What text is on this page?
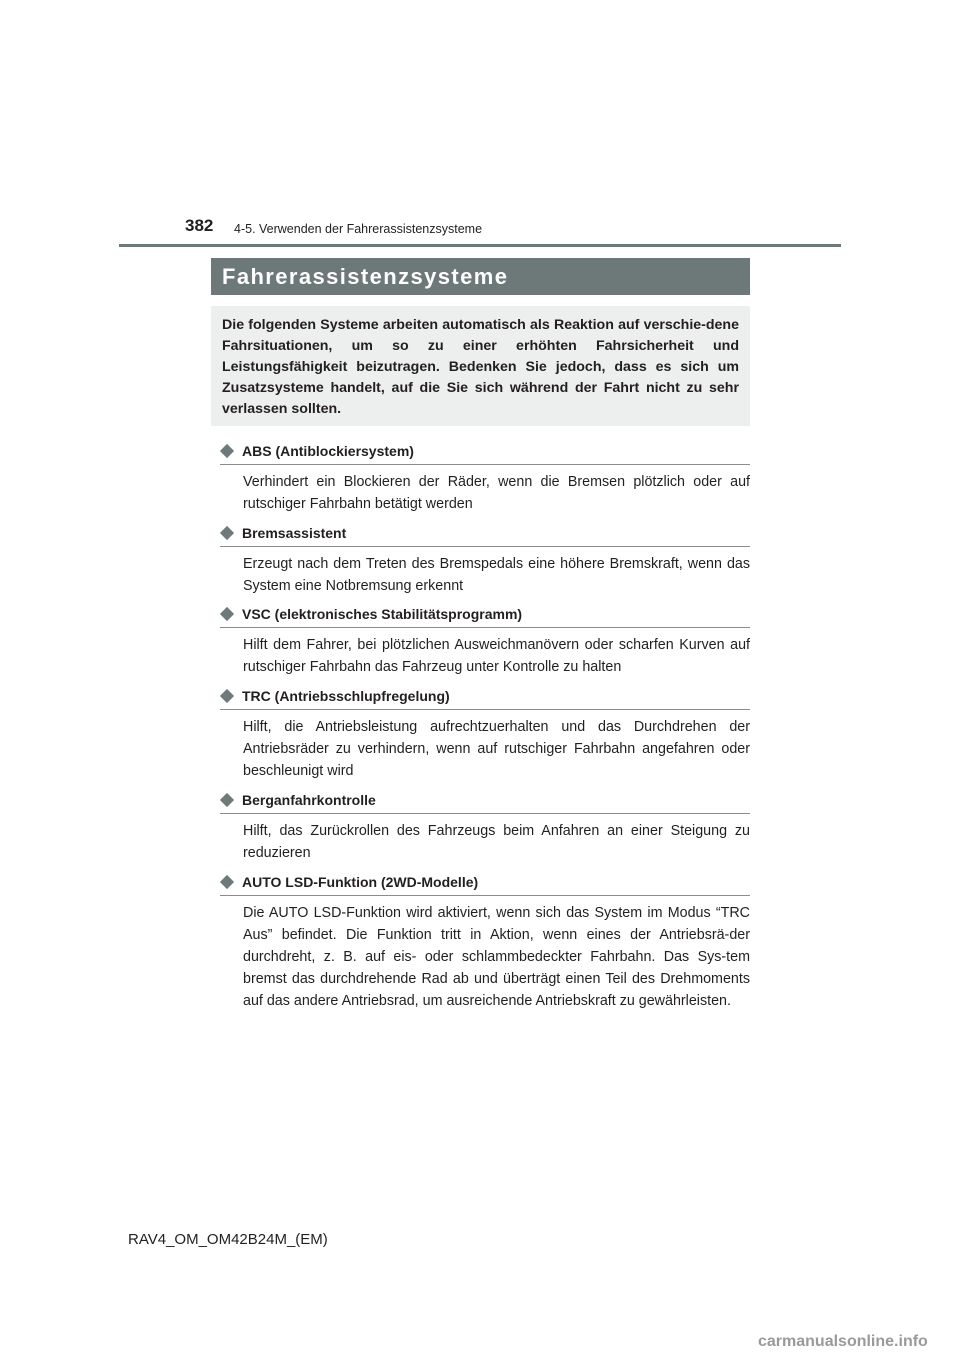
382 4-5. Verwenden der Fahrerassistenzsysteme
Fahrerassistenzsysteme

Die folgenden Systeme arbeiten automatisch als Reaktion auf verschie-dene Fahrsituationen, um so zu einer erhöhten Fahrsicherheit und Leistungsfähigkeit beizutragen. Bedenken Sie jedoch, dass es sich um Zusatzsysteme handelt, auf die Sie sich während der Fahrt nicht zu sehr verlassen sollten.

ABS (Antiblockiersystem)

Verhindert ein Blockieren der Räder, wenn die Bremsen plötzlich oder auf rutschiger Fahrbahn betätigt werden

Bremsassistent

Erzeugt nach dem Treten des Bremspedals eine höhere Bremskraft, wenn das System eine Notbremsung erkennt

VSC (elektronisches Stabilitätsprogramm)

Hilft dem Fahrer, bei plötzlichen Ausweichmanövern oder scharfen Kurven auf rutschiger Fahrbahn das Fahrzeug unter Kontrolle zu halten

TRC (Antriebsschlupfregelung)

Hilft, die Antriebsleistung aufrechtzuerhalten und das Durchdrehen der Antriebsräder zu verhindern, wenn auf rutschiger Fahrbahn angefahren oder beschleunigt wird

Berganfahrkontrolle

Hilft, das Zurückrollen des Fahrzeugs beim Anfahren an einer Steigung zu reduzieren

AUTO LSD-Funktion (2WD-Modelle)

Die AUTO LSD-Funktion wird aktiviert, wenn sich das System im Modus “TRC Aus” befindet. Die Funktion tritt in Aktion, wenn eines der Antriebsrä-der durchdreht, z. B. auf eis- oder schlammbedeckter Fahrbahn. Das Sys-tem bremst das durchdrehende Rad ab und überträgt einen Teil des Drehmoments auf das andere Antriebsrad, um ausreichende Antriebskraft zu gewährleisten.

RAV4_OM_OM42B24M_(EM)
carmanualsonline.info
